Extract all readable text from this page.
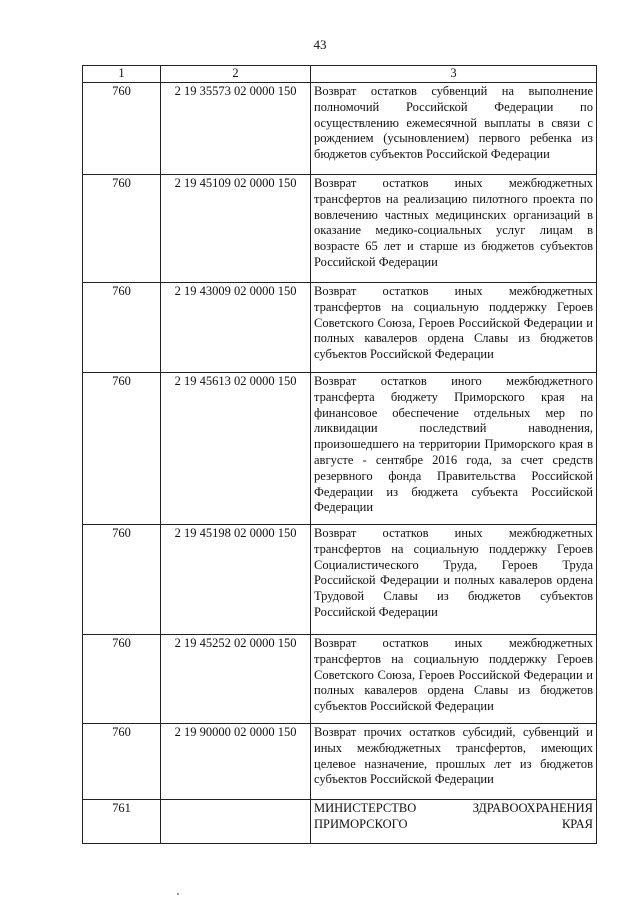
43
1	2	3
760	2 19 35573 02 0000 150	Возврат остатков субвенций на выполнение полномочий Российской Федерации по осуществлению ежемесячной выплаты в связи с рождением (усыновлением) первого ребенка из бюджетов субъектов Российской Федерации
760	2 19 45109 02 0000 150	Возврат остатков иных межбюджетных трансфертов на реализацию пилотного проекта по вовлечению частных медицинских организаций в оказание медико-социальных услуг лицам в возрасте 65 лет и старше из бюджетов субъектов Российской Федерации
760	2 19 43009 02 0000 150	Возврат остатков иных межбюджетных трансфертов на социальную поддержку Героев Советского Союза, Героев Российской Федерации и полных кавалеров ордена Славы из бюджетов субъектов Российской Федерации
760	2 19 45613 02 0000 150	Возврат остатков иного межбюджетного трансферта бюджету Приморского края на финансовое обеспечение отдельных мер по ликвидации последствий наводнения, произошедшего на территории Приморского края в августе - сентябре 2016 года, за счет средств резервного фонда Правительства Российской Федерации из бюджета субъекта Российской Федерации
760	2 19 45198 02 0000 150	Возврат остатков иных межбюджетных трансфертов на социальную поддержку Героев Социалистического Труда, Героев Труда Российской Федерации и полных кавалеров ордена Трудовой Славы из бюджетов субъектов Российской Федерации
760	2 19 45252 02 0000 150	Возврат остатков иных межбюджетных трансфертов на социальную поддержку Героев Советского Союза, Героев Российской Федерации и полных кавалеров ордена Славы из бюджетов субъектов Российской Федерации
760	2 19 90000 02 0000 150	Возврат прочих остатков субсидий, субвенций и иных межбюджетных трансфертов, имеющих целевое назначение, прошлых лет из бюджетов субъектов Российской Федерации
761		МИНИСТЕРСТВО ЗДРАВООХРАНЕНИЯ ПРИМОРСКОГО КРАЯ
